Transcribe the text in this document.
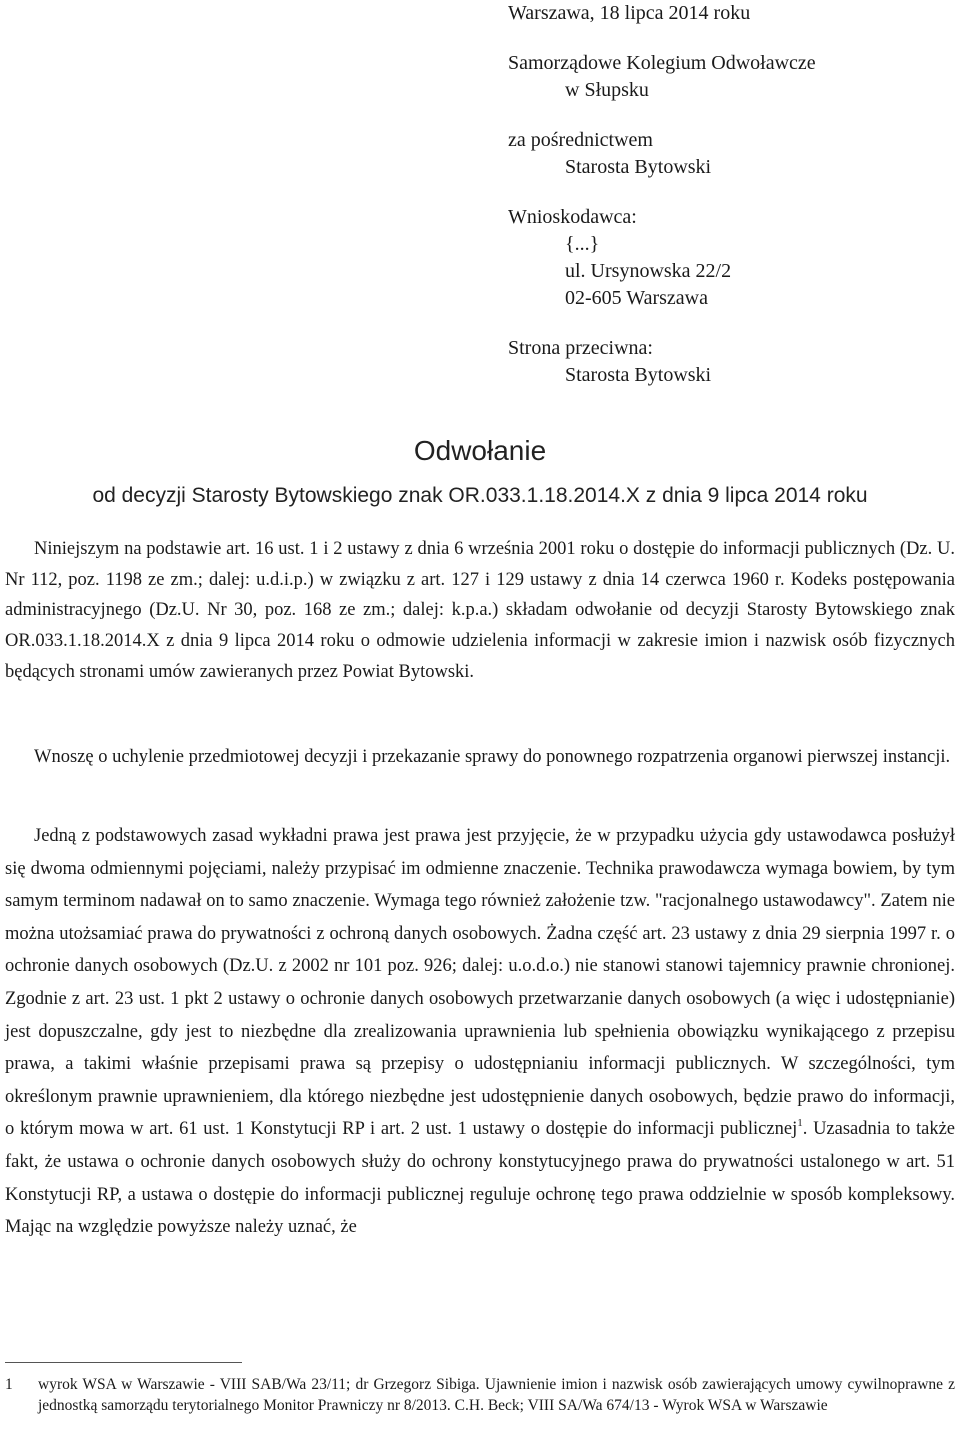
Warszawa, 18 lipca 2014 roku
Samorządowe Kolegium Odwoławcze
w Słupsku
za pośrednictwem
Starosta Bytowski
Wnioskodawca:
{...}
ul. Ursynowska 22/2
02-605 Warszawa
Strona przeciwna:
Starosta Bytowski
Odwołanie
od decyzji Starosty Bytowskiego znak OR.033.1.18.2014.X z dnia 9 lipca 2014 roku

Niniejszym na podstawie art. 16 ust. 1 i 2 ustawy z dnia 6 września 2001 roku o dostępie do informacji publicznych (Dz. U. Nr 112, poz. 1198 ze zm.; dalej: u.d.i.p.) w związku z art. 127 i 129 ustawy z dnia 14 czerwca 1960 r. Kodeks postępowania administracyjnego (Dz.U. Nr 30, poz. 168 ze zm.; dalej: k.p.a.) składam odwołanie od decyzji Starosty Bytowskiego znak OR.033.1.18.2014.X z dnia 9 lipca 2014 roku o odmowie udzielenia informacji w zakresie imion i nazwisk osób fizycznych będących stronami umów zawieranych przez Powiat Bytowski.

Wnoszę o uchylenie przedmiotowej decyzji i przekazanie sprawy do ponownego rozpatrzenia organowi pierwszej instancji.

Jedną z podstawowych zasad wykładni prawa jest prawa jest przyjęcie, że w przypadku użycia gdy ustawodawca posłużył się dwoma odmiennymi pojęciami, należy przypisać im odmienne znaczenie. Technika prawodawcza wymaga bowiem, by tym samym terminom nadawał on to samo znaczenie. Wymaga tego również założenie tzw. "racjonalnego ustawodawcy". Zatem nie można utożsamiać prawa do prywatności z ochroną danych osobowych. Żadna część art. 23 ustawy z dnia 29 sierpnia 1997 r. o ochronie danych osobowych (Dz.U. z 2002 nr 101 poz. 926; dalej: u.o.d.o.) nie stanowi stanowi tajemnicy prawnie chronionej. Zgodnie z art. 23 ust. 1 pkt 2 ustawy o ochronie danych osobowych przetwarzanie danych osobowych (a więc i udostępnianie) jest dopuszczalne, gdy jest to niezbędne dla zrealizowania uprawnienia lub spełnienia obowiązku wynikającego z przepisu prawa, a takimi właśnie przepisami prawa są przepisy o udostępnianiu informacji publicznych. W szczególności, tym określonym prawnie uprawnieniem, dla którego niezbędne jest udostępnienie danych osobowych, będzie prawo do informacji, o którym mowa w art. 61 ust. 1 Konstytucji RP i art. 2 ust. 1 ustawy o dostępie do informacji publicznej$^1$. Uzasadnia to także fakt, że ustawa o ochronie danych osobowych służy do ochrony konstytucyjnego prawa do prywatności ustalonego w art. 51 Konstytucji RP, a ustawa o dostępie do informacji publicznej reguluje ochronę tego prawa oddzielnie w sposób kompleksowy. Mając na względzie powyższe należy uznać, że

1 wyrok WSA w Warszawie - VIII SAB/Wa 23/11; dr Grzegorz Sibiga. Ujawnienie imion i nazwisk osób zawierających umowy cywilnoprawne z jednostką samorządu terytorialnego Monitor Prawniczy nr 8/2013. C.H. Beck; VIII SA/Wa 674/13 - Wyrok WSA w Warszawie
